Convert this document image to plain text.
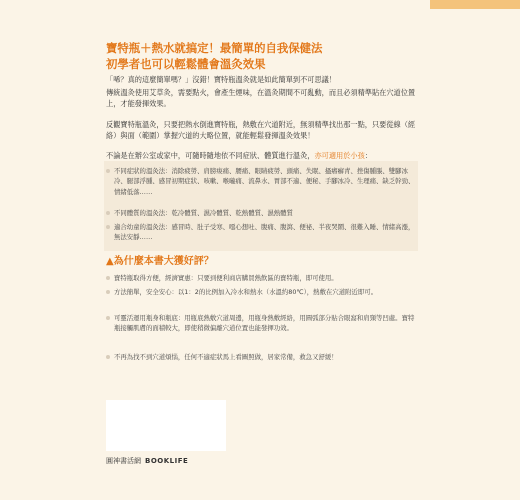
寶特瓶＋熱水就搞定！最簡單的自我保健法
初學者也可以輕鬆體會溫灸效果
「唏？真的這麼簡單嗎？」沒錯！寶特瓶溫灸就是如此簡單到不可思議！
傳統溫灸使用艾草灸，需要點火，會產生煙味，在溫灸期間不可亂動，而且必須精準貼在穴道位置上，才能發揮效果。
反觀寶特瓶溫灸，只要把熱水倒進寶特瓶，熱敷在穴道附近，無須精準找出那一點，只要從線（經絡）與面（範圍）掌握穴道的大略位置，就能輕鬆發揮溫灸效果！
不論是在辦公室或家中，可隨時隨地依不同症狀、體質進行溫灸，亦可適用於小孩：
不同症狀的溫灸法：消除疲勞、肩膀痠痛、腰痛、眼睛疲勞、頭痛、失眠、搔癢癬青、挫傷腫脹、雙腳冰冷、腿部浮腫、感冒初期症狀、咳嗽、喉嚨痛、流鼻水、胃部不適、便秘、手腳冰冷、生理痛、缺乏幹勁、情緒低落……
不同體質的溫灸法：乾冷體質、濕冷體質、乾熱體質、濕熱體質
適合幼童的溫灸法：感冒時、肚子受寒、噁心想吐、腹痛、腹瀉、便祕、半夜哭鬧、很難入睡、情緒高漲，無法安靜……
▲為什麼本書大獲好評？
寶特瓶取得方便，經濟實惠：只要到便利商店購買熱飲區的寶特瓶，即可使用。
方法簡單，安全安心：以1：2的比例加入冷水和熱水（水溫約80℃），熱敷在穴道附近即可。
可靈活運用瓶身和瓶底：用瓶底熱敷穴道周邊，用瓶身熱敷經絡，用圓弧部分貼合眼窩和肩頸等凹處。寶特瓶接觸肌膚的面積較大，即使稍微偏離穴道位置也能發揮功效。
不再為找不到穴道煩惱，任何不適症狀馬上看圖照做，居家常備，救急又舒緩！
圓神書活網 BOOKLIFE
